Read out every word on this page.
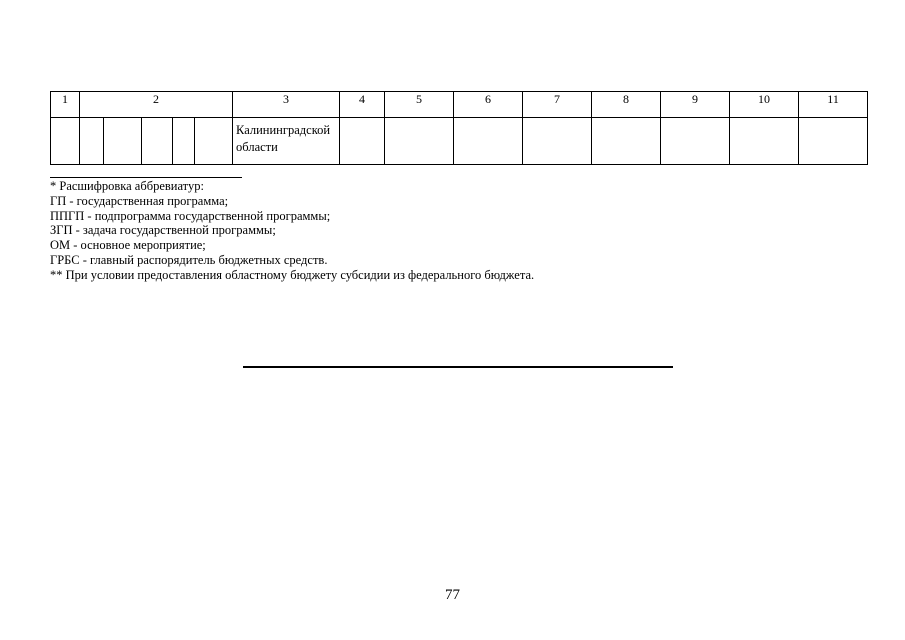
1	2					3	4	5	6	7	8	9	10	11
						Калининградской области								
* Расшифровка аббревиатур:
ГП - государственная программа;
ППГП - подпрограмма государственной программы;
ЗГП - задача государственной программы;
ОМ - основное мероприятие;
ГРБС - главный распорядитель бюджетных средств.
** При условии предоставления областному бюджету субсидии из федерального бюджета.
77
